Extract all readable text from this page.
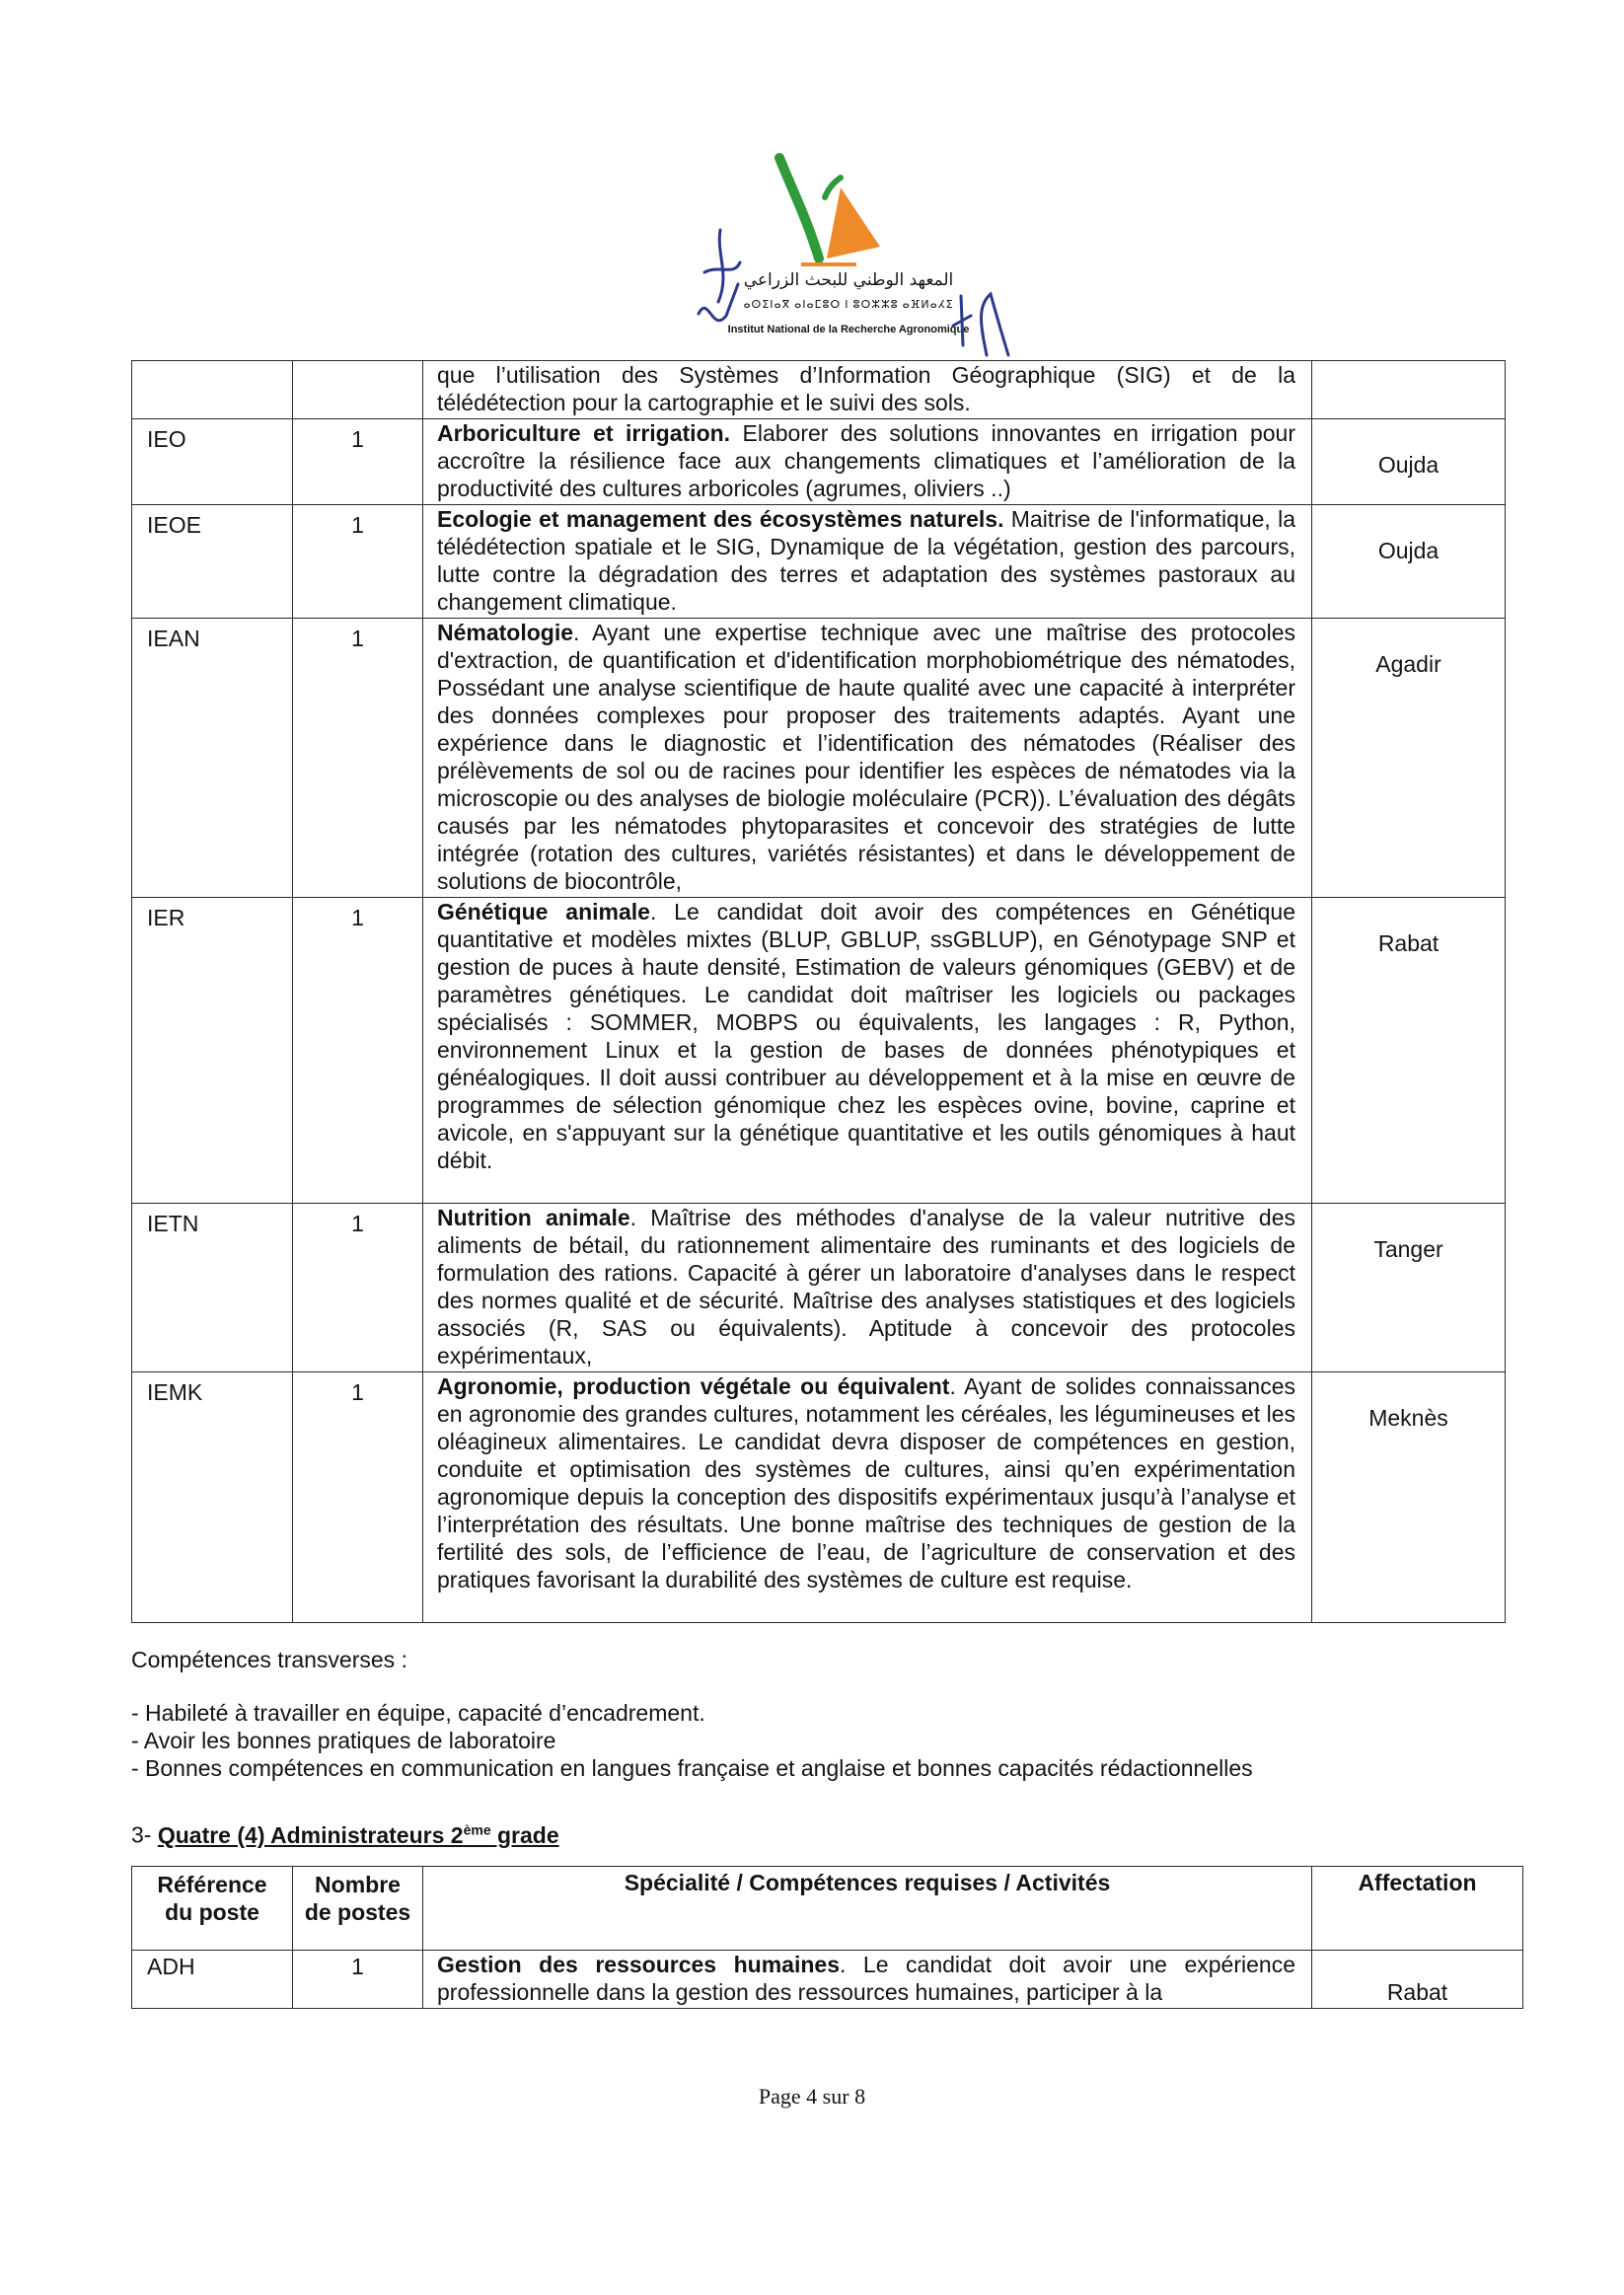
المعهد الوطني للبحث الزراعي
ⴰⵙⵉⵏⴰⴳ ⴰⵏⴰⵎⵓⵔ ⵏ ⵓⵔⵣⵣⵓ ⴰⴼⵍⴰⵃⵉ
Institut National de la Recherche Agronomique
		que l’utilisation des Systèmes d’Information Géographique (SIG) et de la télédétection pour la cartographie et le suivi des sols.	
IEO	1	Arboriculture et irrigation. Elaborer des solutions innovantes en irrigation pour accroître la résilience face aux changements climatiques et l’amélioration de la productivité des cultures arboricoles (agrumes, oliviers ..)	Oujda
IEOE	1	Ecologie et management des écosystèmes naturels. Maitrise de l'informatique, la télédétection spatiale et le SIG, Dynamique de la végétation, gestion des parcours, lutte contre la dégradation des terres et adaptation des systèmes pastoraux au changement climatique.	Oujda
IEAN	1	Nématologie. Ayant une expertise technique avec une maîtrise des protocoles d'extraction, de quantification et d'identification morphobiométrique des nématodes, Possédant une analyse scientifique de haute qualité avec une capacité à interpréter des données complexes pour proposer des traitements adaptés. Ayant une expérience dans le diagnostic et l’identification des nématodes (Réaliser des prélèvements de sol ou de racines pour identifier les espèces de nématodes via la microscopie ou des analyses de biologie moléculaire (PCR)). L’évaluation des dégâts causés par les nématodes phytoparasites et concevoir des stratégies de lutte intégrée (rotation des cultures, variétés résistantes) et dans le développement de solutions de biocontrôle,	Agadir
IER	1	Génétique animale. Le candidat doit avoir des compétences en Génétique quantitative et modèles mixtes (BLUP, GBLUP, ssGBLUP), en Génotypage SNP et gestion de puces à haute densité, Estimation de valeurs génomiques (GEBV) et de paramètres génétiques. Le candidat doit maîtriser les logiciels ou packages spécialisés : SOMMER, MOBPS ou équivalents, les langages : R, Python, environnement Linux et la gestion de bases de données phénotypiques et généalogiques. Il doit aussi contribuer au développement et à la mise en œuvre de programmes de sélection génomique chez les espèces ovine, bovine, caprine et avicole, en s'appuyant sur la génétique quantitative et les outils génomiques à haut débit.	Rabat
IETN	1	Nutrition animale. Maîtrise des méthodes d'analyse de la valeur nutritive des aliments de bétail, du rationnement alimentaire des ruminants et des logiciels de formulation des rations. Capacité à gérer un laboratoire d'analyses dans le respect des normes qualité et de sécurité. Maîtrise des analyses statistiques et des logiciels associés (R, SAS ou équivalents). Aptitude à concevoir des protocoles expérimentaux,	Tanger
IEMK	1	Agronomie, production végétale ou équivalent. Ayant de solides connaissances en agronomie des grandes cultures, notamment les céréales, les légumineuses et les oléagineux alimentaires. Le candidat devra disposer de compétences en gestion, conduite et optimisation des systèmes de cultures, ainsi qu’en expérimentation agronomique depuis la conception des dispositifs expérimentaux jusqu’à l’analyse et l’interprétation des résultats. Une bonne maîtrise des techniques de gestion de la fertilité des sols, de l’efficience de l’eau, de l’agriculture de conservation et des pratiques favorisant la durabilité des systèmes de culture est requise.	Meknès
Compétences transverses :
- Habileté à travailler en équipe, capacité d’encadrement.
- Avoir les bonnes pratiques de laboratoire
- Bonnes compétences en communication en langues française et anglaise et bonnes capacités rédactionnelles
3- Quatre (4) Administrateurs 2ème grade
Référence du poste	Nombre de postes	Spécialité / Compétences requises / Activités	Affectation
ADH	1	Gestion des ressources humaines. Le candidat doit avoir une expérience professionnelle dans la gestion des ressources humaines, participer à la	Rabat
Page 4 sur 8
